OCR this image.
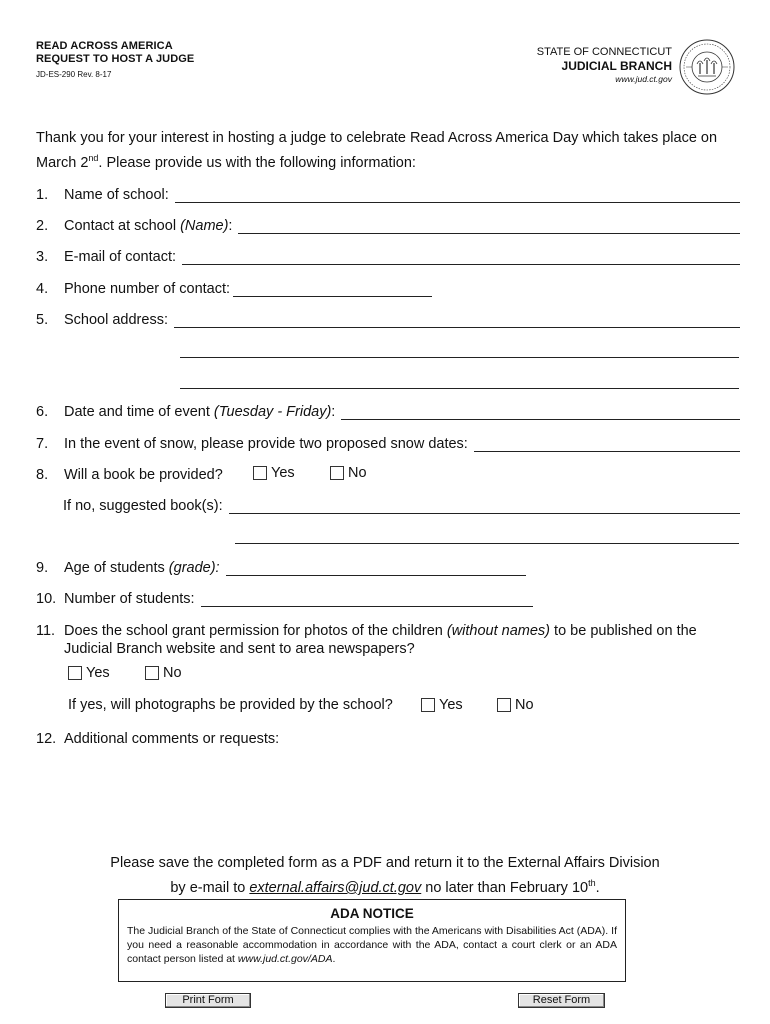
READ ACROSS AMERICA
REQUEST TO HOST A JUDGE
JD-ES-290 Rev. 8-17
STATE OF CONNECTICUT
JUDICIAL BRANCH
www.jud.ct.gov
Thank you for your interest in hosting a judge to celebrate Read Across America Day which takes place on March 2nd. Please provide us with the following information:
1.	Name of school:
2.	Contact at school (Name):
3.	E-mail of contact:
4.	Phone number of contact:
5.	School address:
6.	Date and time of event (Tuesday - Friday):
7.	In the event of snow, please provide two proposed snow dates:
8.	Will a book be provided?	Yes	No
If no, suggested book(s):
9.	Age of students (grade):
10. Number of students:
11. Does the school grant permission for photos of the children (without names) to be published on the Judicial Branch website and sent to area newspapers?
Yes	No
If yes, will photographs be provided by the school?	Yes	No
12. Additional comments or requests:
Please save the completed form as a PDF and return it to the External Affairs Division
by e-mail to external.affairs@jud.ct.gov no later than February 10th.
ADA NOTICE
The Judicial Branch of the State of Connecticut complies with the Americans with Disabilities Act (ADA). If you need a reasonable accommodation in accordance with the ADA, contact a court clerk or an ADA contact person listed at www.jud.ct.gov/ADA.
Print Form	Reset Form
